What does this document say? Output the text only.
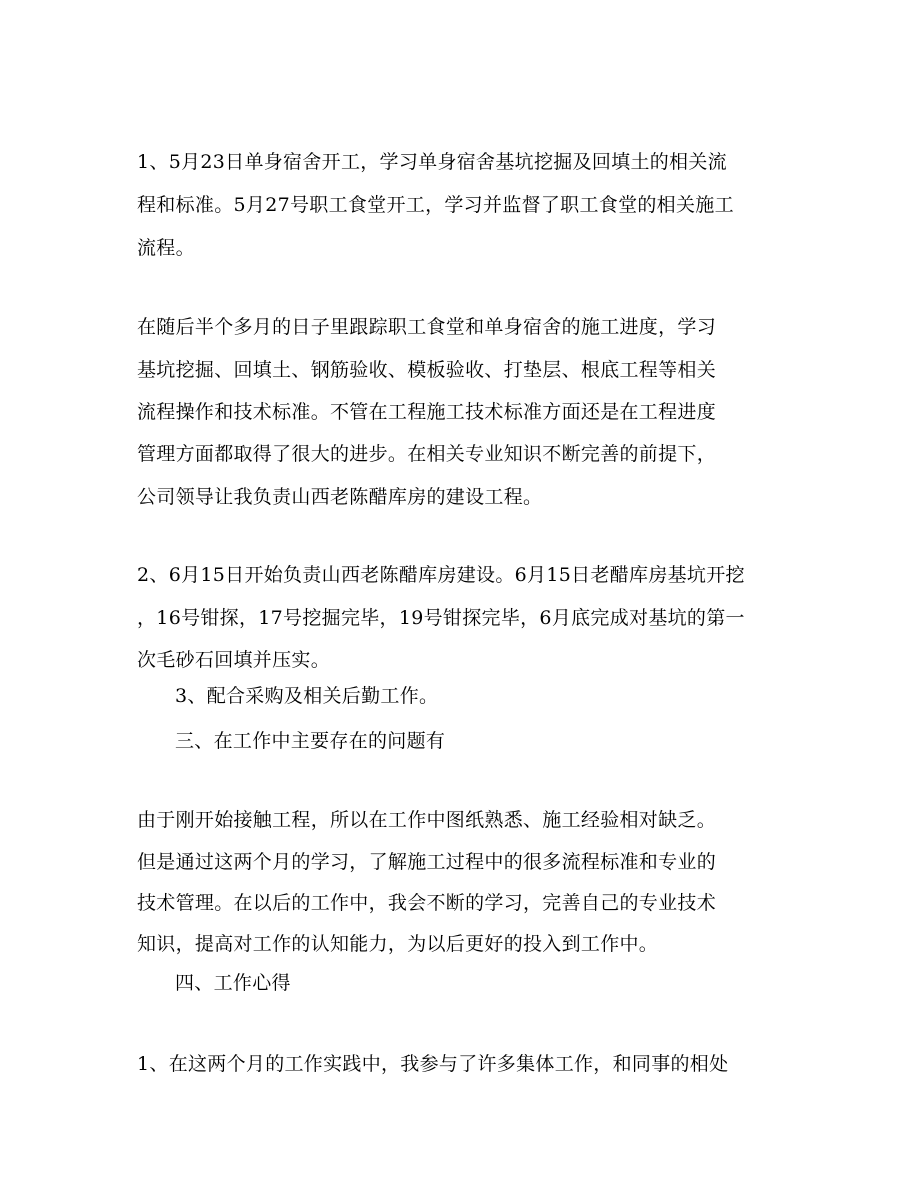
1、5月23日单身宿舍开工，学习单身宿舍基坑挖掘及回填土的相关流
程和标准。5月27号职工食堂开工，学习并监督了职工食堂的相关施工
流程。
在随后半个多月的日子里跟踪职工食堂和单身宿舍的施工进度，学习
基坑挖掘、回填土、钢筋验收、模板验收、打垫层、根底工程等相关
流程操作和技术标准。不管在工程施工技术标准方面还是在工程进度
管理方面都取得了很大的进步。在相关专业知识不断完善的前提下，
公司领导让我负责山西老陈醋库房的建设工程。
2、6月15日开始负责山西老陈醋库房建设。6月15日老醋库房基坑开挖
，16号钳探，17号挖掘完毕，19号钳探完毕，6月底完成对基坑的第一
次毛砂石回填并压实。
3、配合采购及相关后勤工作。
三、在工作中主要存在的问题有
由于刚开始接触工程，所以在工作中图纸熟悉、施工经验相对缺乏。
但是通过这两个月的学习，了解施工过程中的很多流程标准和专业的
技术管理。在以后的工作中，我会不断的学习，完善自己的专业技术
知识，提高对工作的认知能力，为以后更好的投入到工作中。
四、工作心得
1、在这两个月的工作实践中，我参与了许多集体工作，和同事的相处
